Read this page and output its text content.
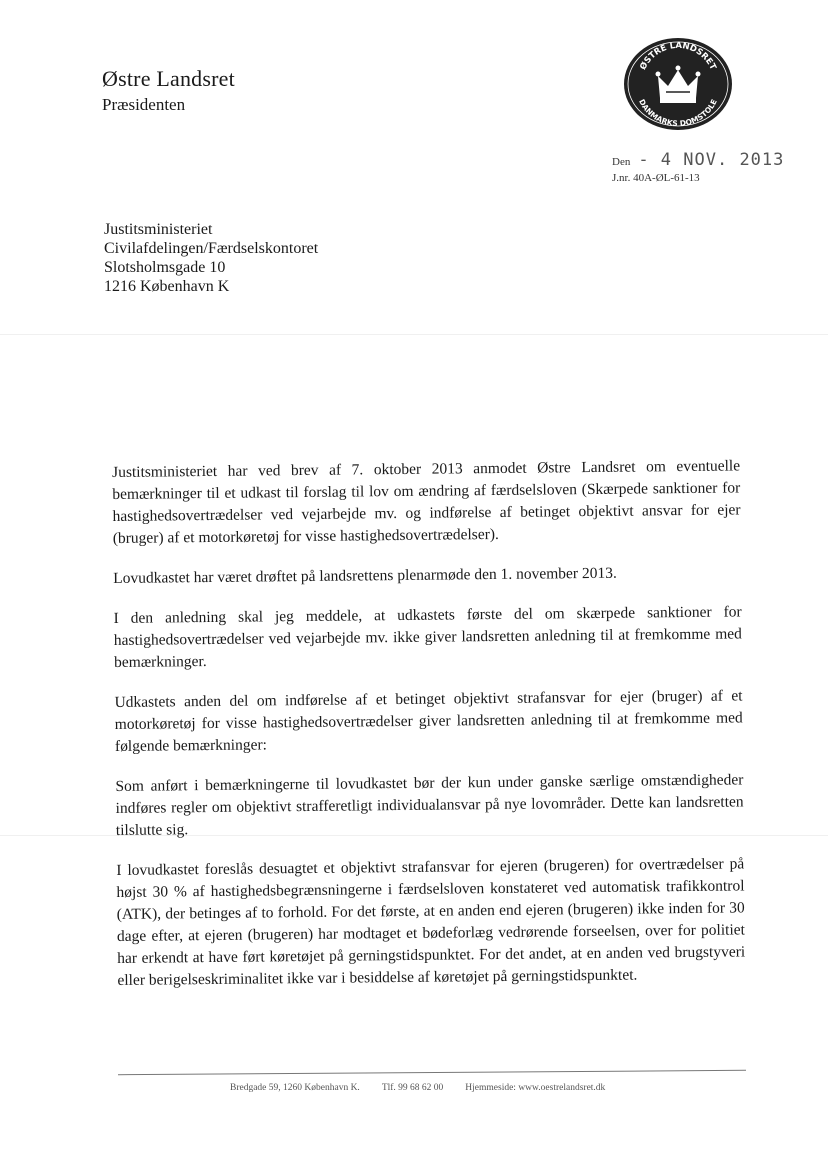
Østre Landsret
Præsidenten
ØSTRE LANDSRET
DANMARKS DOMSTOLE
Den - 4 NOV. 2013
J.nr. 40A-ØL-61-13
Justitsministeriet
Civilafdelingen/Færdselskontoret
Slotsholmsgade 10
1216 København K

Justitsministeriet har ved brev af 7. oktober 2013 anmodet Østre Landsret om eventuelle bemærkninger til et udkast til forslag til lov om ændring af færdselsloven (Skærpede sanktioner for hastighedsovertrædelser ved vejarbejde mv. og indførelse af betinget objektivt ansvar for ejer (bruger) af et motorkøretøj for visse hastighedsovertrædelser).

Lovudkastet har været drøftet på landsrettens plenarmøde den 1. november 2013.

I den anledning skal jeg meddele, at udkastets første del om skærpede sanktioner for hastighedsovertrædelser ved vejarbejde mv. ikke giver landsretten anledning til at fremkomme med bemærkninger.

Udkastets anden del om indførelse af et betinget objektivt strafansvar for ejer (bruger) af et motorkøretøj for visse hastighedsovertrædelser giver landsretten anledning til at fremkomme med følgende bemærkninger:

Som anført i bemærkningerne til lovudkastet bør der kun under ganske særlige omstændigheder indføres regler om objektivt strafferetligt individualansvar på nye lovområder. Dette kan landsretten tilslutte sig.

I lovudkastet foreslås desuagtet et objektivt strafansvar for ejeren (brugeren) for overtrædelser på højst 30 % af hastighedsbegrænsningerne i færdselsloven konstateret ved automatisk trafikkontrol (ATK), der betinges af to forhold. For det første, at en anden end ejeren (brugeren) ikke inden for 30 dage efter, at ejeren (brugeren) har modtaget et bødeforlæg vedrørende forseelsen, over for politiet har erkendt at have ført køretøjet på gerningstidspunktet. For det andet, at en anden ved brugstyveri eller berigelseskriminalitet ikke var i besiddelse af køretøjet på gerningstidspunktet.

Bredgade 59, 1260 København K. Tlf. 99 68 62 00 Hjemmeside: www.oestrelandsret.dk
